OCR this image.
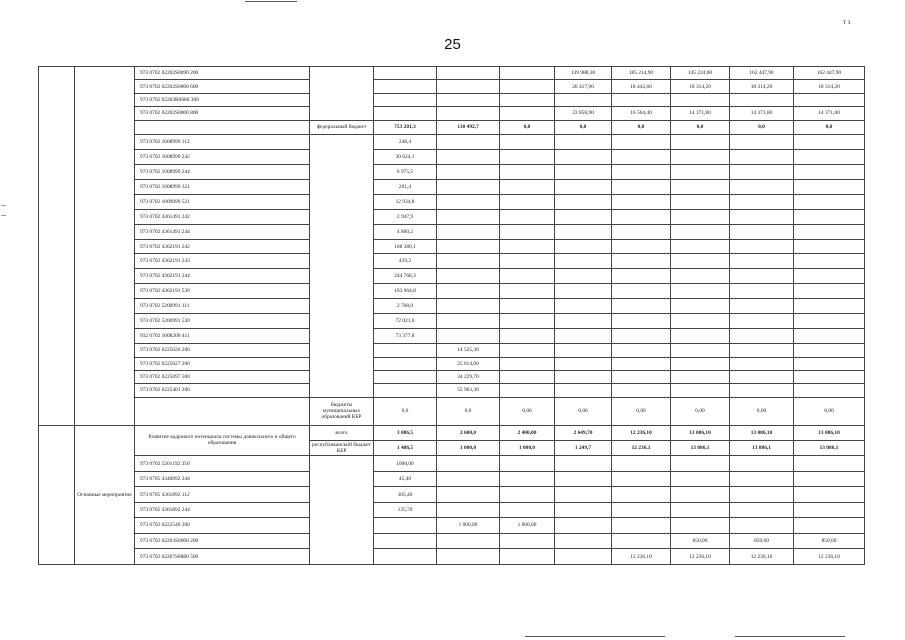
т з
25
		973 0702 02202S0090 200					139 988,30	185 214,90	145 224,60	162 447,90	162 447,90
		973 0702 02202S0000 600					26 417,90	18 442,60	18 314,20	18 314,20	18 314,20
		973 0702 02203R0680 300									
		973 0702 02202S0000 800					23 856,90	16 564,40	14 371,80	14 371,80	14 371,80
			федеральный бюджет	753 201,3	130 492,7	0,0	0,0	0,0	0,0	0,0	0,0
		973 0702 1008999 112		248,4							
		973 0702 1008999 242		30 624,1							
		973 0702 1008999 244		6 975,5							
		973 0702 1008999 321		201,4							
		973 0702 1009099 521		12 934,8							
		973 0702 4361491 242		2 947,9							
		973 0702 4361491 244		4 860,2							
		973 0702 4362191 242		108 380,1							
		973 0702 4362191 243		439,2							
		973 0702 4362191 244		244 768,3							
		973 0702 4362191 530		193 964,8							
		973 0702 5200991 111		2 768,0							
		973 0702 5200991 530		72 021,0							
		932 0702 1008200 411		73 377,8							
		973 0702 0225026 200			14 525,30						
		973 0702 0225027 200			25 814,00						
		973 0702 0225097 500			34 229,70						
		973 0702 0225401 200			55 903,30						
			бюджеты муниципальных образований КБР	0,0	0,0	0,00	0,00	0,00	0,00	0,00	0,00
	Основные мероприятие	Развитие кадрового потенциала системы дошкольного и общего образования	всего	3 086,5	2 600,0	2 400,00	2 649,70	12 236,10	13 086,10	13 086,10	13 086,10
			республиканский бюджет КБР	1 486,5	1 000,0	1 000,0	1 249,7	12 236,1	13 086,1	13 086,1	13 086,1
		973 0702 5201192 350		1000,00							
		973 0705 4340092 244		45,40							
		973 0705 4361892 112		305,40							
		973 0705 4361892 244		135,70							
		973 0702 0222540 300			1 000,00	1 000,00					
		973 0702 02203S0000 200							850,00	850,00	850,00
		973 0702 02207S8880 500						12 236,10	12 236,10	12 236,10	12 236,10
